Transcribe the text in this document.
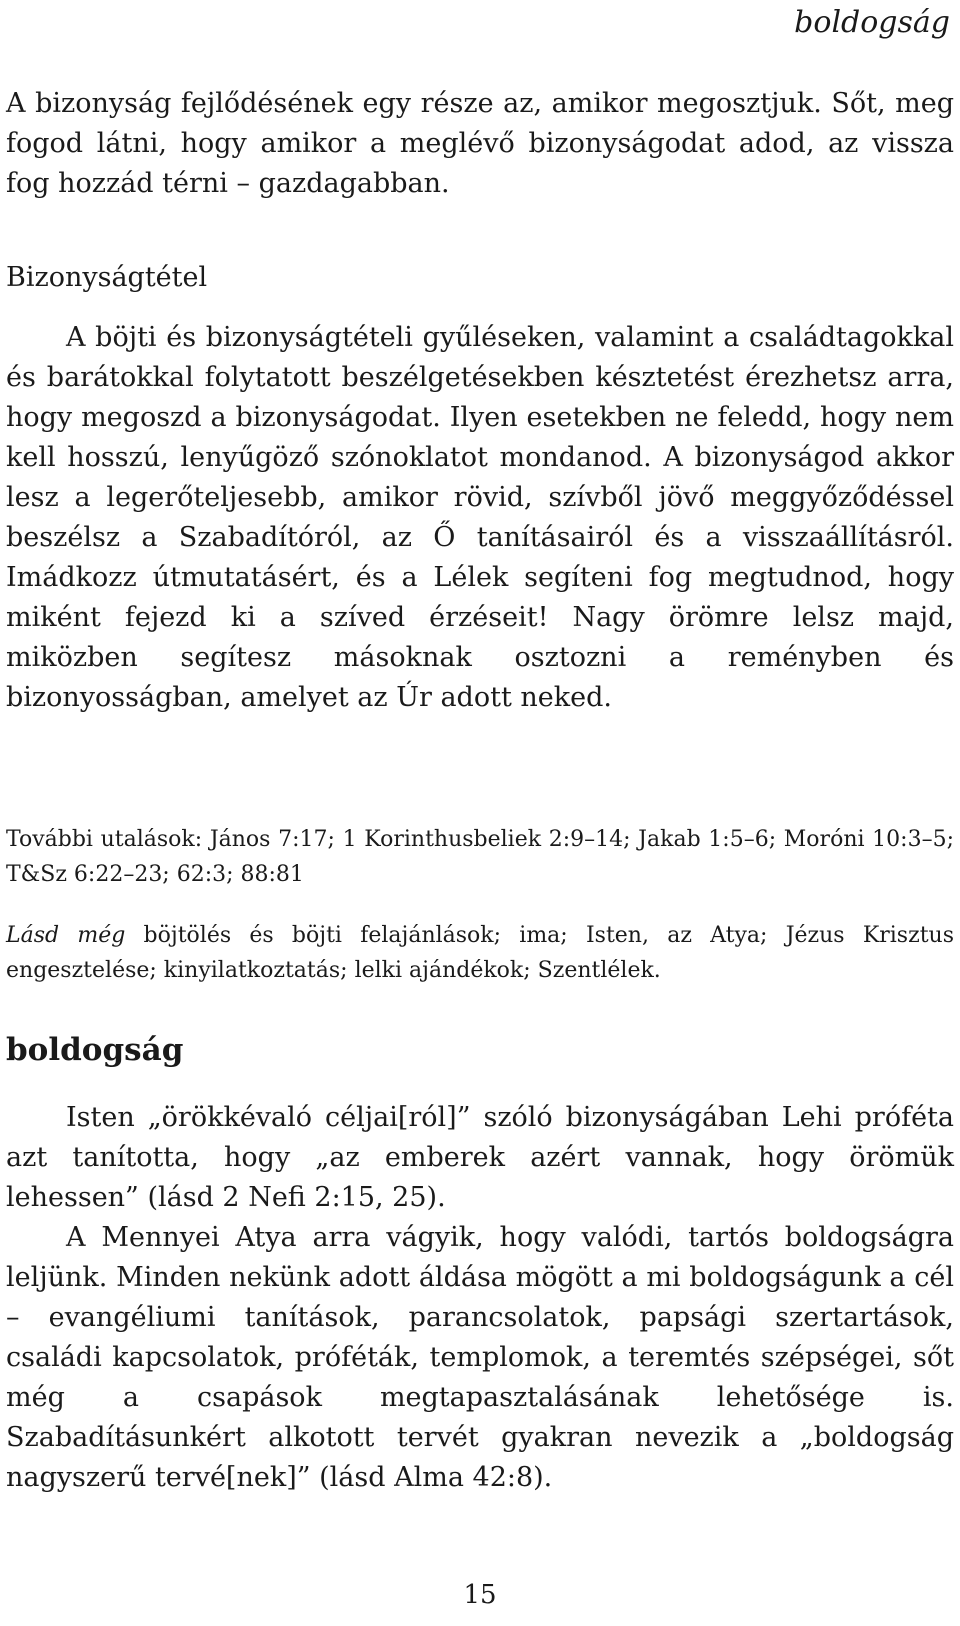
boldogság

A bizonyság fejlődésének egy része az, amikor megosztjuk. Sőt, meg fogod látni, hogy amikor a meglévő bizonyságodat adod, az vissza fog hozzád térni – gazdagabban.

Bizonyságtétel

A böjti és bizonyságtételi gyűléseken, valamint a családtagokkal és barátokkal folytatott beszélgetésekben késztetést érezhetsz arra, hogy megoszd a bizonyságodat. Ilyen esetekben ne feledd, hogy nem kell hosszú, lenyűgöző szónoklatot mondanod. A bizonyságod akkor lesz a legerőteljesebb, amikor rövid, szívből jövő meggyőződéssel beszélsz a Szabadítóról, az Ő tanításairól és a visszaállításról. Imádkozz útmutatásért, és a Lélek segíteni fog megtudnod, hogy miként fejezd ki a szíved érzéseit! Nagy örömre lelsz majd, miközben segítesz másoknak osztozni a reményben és bizonyosságban, amelyet az Úr adott neked.

További utalások: János 7:17; 1 Korinthusbeliek 2:9–14; Jakab 1:5–6; Moróni 10:3–5; T&Sz 6:22–23; 62:3; 88:81

Lásd még böjtölés és böjti felajánlások; ima; Isten, az Atya; Jézus Krisztus engesztelése; kinyilatkoztatás; lelki ajándékok; Szentlélek.

boldogság

Isten „örökkévaló céljai[ról]” szóló bizonyságában Lehi próféta azt tanította, hogy „az emberek azért vannak, hogy örömük lehessen” (lásd 2 Nefi 2:15, 25).

A Mennyei Atya arra vágyik, hogy valódi, tartós boldogságra leljünk. Minden nekünk adott áldása mögött a mi boldogságunk a cél – evangéliumi tanítások, parancsolatok, papsági szertartások, családi kapcsolatok, próféták, templomok, a teremtés szépségei, sőt még a csapások megtapasztalásának lehetősége is. Szabadításunkért alkotott tervét gyakran nevezik a „boldogság nagyszerű tervé[nek]” (lásd Alma 42:8).

15
